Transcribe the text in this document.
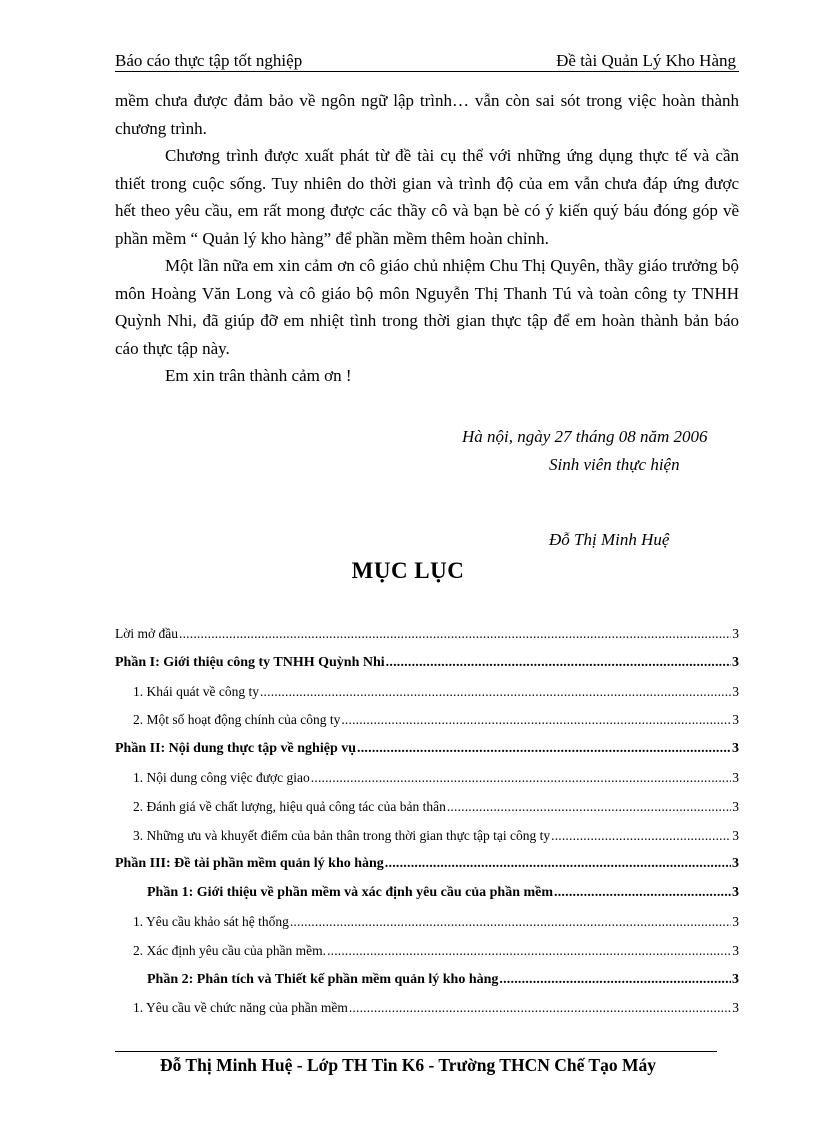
Báo cáo thực tập tốt nghiệp	Đề tài Quản Lý Kho Hàng

mềm chưa được đảm bảo về ngôn ngữ lập trình… vẫn còn sai sót trong việc hoàn thành chương trình.

Chương trình được xuất phát từ đề tài cụ thể với những ứng dụng thực tế và cần thiết trong cuộc sống. Tuy nhiên do thời gian và trình độ của em vẫn chưa đáp ứng được hết theo yêu cầu, em rất mong được các thầy cô và bạn bè có ý kiến quý báu đóng góp về phần mềm “ Quản lý kho hàng” để phần mềm thêm hoàn chỉnh.

Một lần nữa em xin cảm ơn cô giáo chủ nhiệm Chu Thị Quyên, thầy giáo trưởng bộ môn Hoàng Văn Long và cô giáo bộ môn Nguyễn Thị Thanh Tú và toàn công ty TNHH Quỳnh Nhi, đã giúp đỡ em nhiệt tình trong thời gian thực tập để em hoàn thành bản báo cáo thực tập này.

Em xin trân thành cảm ơn !

Hà nội, ngày 27 tháng 08 năm 2006
Sinh viên thực hiện
Đỗ Thị Minh Huệ
MỤC LỤC
Lời mở đầu .....	3
Phần I: Giới thiệu công ty TNHH Quỳnh Nhi .....	3
1. Khái quát về công ty .....	3
2. Một số hoạt động chính của công ty .....	3
Phần II: Nội dung thực tập về nghiệp vụ .....	3
1. Nội dung công việc được giao .....	3
2. Đánh giá về chất lượng, hiệu quả công tác của bản thân .....	3
3. Những ưu và khuyết điểm của bản thân trong thời gian thực tập tại công ty .....	3
Phần III: Đề tài phần mềm quản lý kho hàng .....	3
Phần 1: Giới thiệu về phần mềm và xác định yêu cầu của phần mềm .....	3
1. Yêu cầu khảo sát hệ thống .....	3
2. Xác định yêu cầu của phần mềm. .....	3
Phần 2: Phân tích và Thiết kế phần mềm quản lý kho hàng .....	3
1. Yêu cầu về chức năng của phần mềm .....	3
Đỗ Thị Minh Huệ - Lớp TH Tin K6 - Trường THCN Chế Tạo Máy
